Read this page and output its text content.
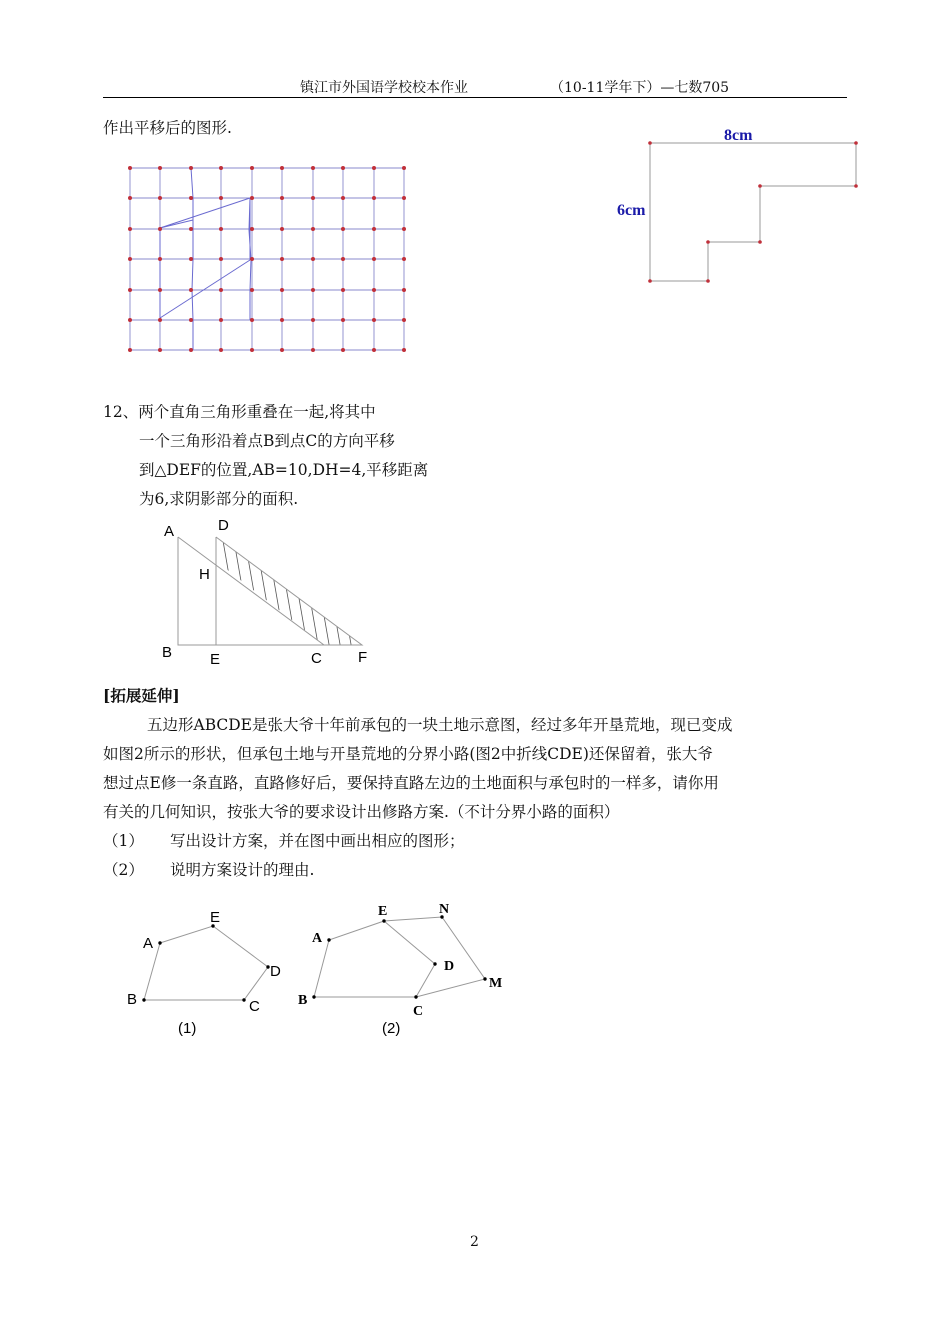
镇江市外国语学校校本作业	（10-11学年下）—七数705
作出平移后的图形.	8cm
6cm
12、两个直角三角形重叠在一起,将其中
一个三角形沿着点B到点C的方向平移
到△DEF的位置,AB=10,DH=4,平移距离
为6,求阴影部分的面积.
A	D
H
B	E	C F
[拓展延伸]
五边形ABCDE是张大爷十年前承包的一块土地示意图，经过多年开垦荒地，现已变成
如图2所示的形状，但承包土地与开垦荒地的分界小路(图2中折线CDE)还保留着，张大爷
想过点E修一条直路，直路修好后，要保持直路左边的土地面积与承包时的一样多，请你用
有关的几何知识，按张大爷的要求设计出修路方案.（不计分界小路的面积）
（1） 写出设计方案，并在图中画出相应的图形；
（2） 说明方案设计的理由.
A
E
D
B	C
(1)
A
E	N
D
M
B
C
(2)
2
